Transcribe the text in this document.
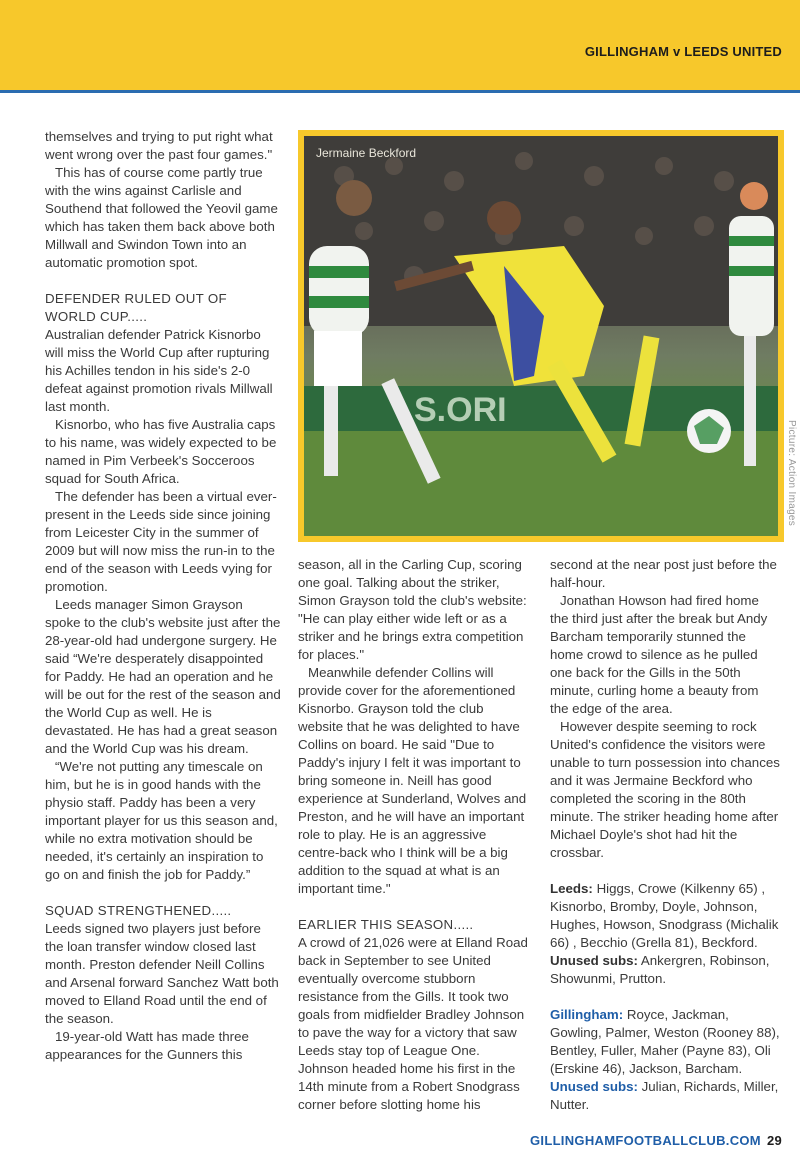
GILLINGHAM v LEEDS UNITED

themselves and trying to put right what went wrong over the past four games."

This has of course come partly true with the wins against Carlisle and Southend that followed the Yeovil game which has taken them back above both Millwall and Swindon Town into an automatic promotion spot.

DEFENDER RULED OUT OF WORLD CUP.....

Australian defender Patrick Kisnorbo will miss the World Cup after rupturing his Achilles tendon in his side's 2-0 defeat against promotion rivals Millwall last month.

Kisnorbo, who has five Australia caps to his name, was widely expected to be named in Pim Verbeek's Socceroos squad for South Africa.

The defender has been a virtual ever-present in the Leeds side since joining from Leicester City in the summer of 2009 but will now miss the run-in to the end of the season with Leeds vying for promotion.

Leeds manager Simon Grayson spoke to the club's website just after the 28-year-old had undergone surgery. He said “We're desperately disappointed for Paddy. He had an operation and he will be out for the rest of the season and the World Cup as well. He is devastated. He has had a great season and the World Cup was his dream.

“We're not putting any timescale on him, but he is in good hands with the physio staff. Paddy has been a very important player for us this season and, while no extra motivation should be needed, it's certainly an inspiration to go on and finish the job for Paddy.”

SQUAD STRENGTHENED.....

Leeds signed two players just before the loan transfer window closed last month. Preston defender Neill Collins and Arsenal forward Sanchez Watt both moved to Elland Road until the end of the season.

19-year-old Watt has made three appearances for the Gunners this

S.ORI
Jermaine Beckford
Picture: Action Images

season, all in the Carling Cup, scoring one goal. Talking about the striker, Simon Grayson told the club's website: "He can play either wide left or as a striker and he brings extra competition for places."

Meanwhile defender Collins will provide cover for the aforementioned Kisnorbo. Grayson told the club website that he was delighted to have Collins on board. He said "Due to Paddy's injury I felt it was important to bring someone in. Neill has good experience at Sunderland, Wolves and Preston, and he will have an important role to play. He is an aggressive centre-back who I think will be a big addition to the squad at what is an important time."

EARLIER THIS SEASON.....

A crowd of 21,026 were at Elland Road back in September to see United eventually overcome stubborn resistance from the Gills. It took two goals from midfielder Bradley Johnson to pave the way for a victory that saw Leeds stay top of League One. Johnson headed home his first in the 14th minute from a Robert Snodgrass corner before slotting home his

second at the near post just before the half-hour.

Jonathan Howson had fired home the third just after the break but Andy Barcham temporarily stunned the home crowd to silence as he pulled one back for the Gills in the 50th minute, curling home a beauty from the edge of the area.

However despite seeming to rock United's confidence the visitors were unable to turn possession into chances and it was Jermaine Beckford who completed the scoring in the 80th minute. The striker heading home after Michael Doyle's shot had hit the crossbar.

Leeds: Higgs, Crowe (Kilkenny 65) , Kisnorbo, Bromby, Doyle, Johnson, Hughes, Howson, Snodgrass (Michalik 66) , Becchio (Grella 81), Beckford.

Unused subs: Ankergren, Robinson, Showunmi, Prutton.

Gillingham: Royce, Jackman, Gowling, Palmer, Weston (Rooney 88), Bentley, Fuller, Maher (Payne 83), Oli (Erskine 46), Jackson, Barcham.

Unused subs: Julian, Richards, Miller, Nutter.

GILLINGHAMFOOTBALLCLUB.COM 29
